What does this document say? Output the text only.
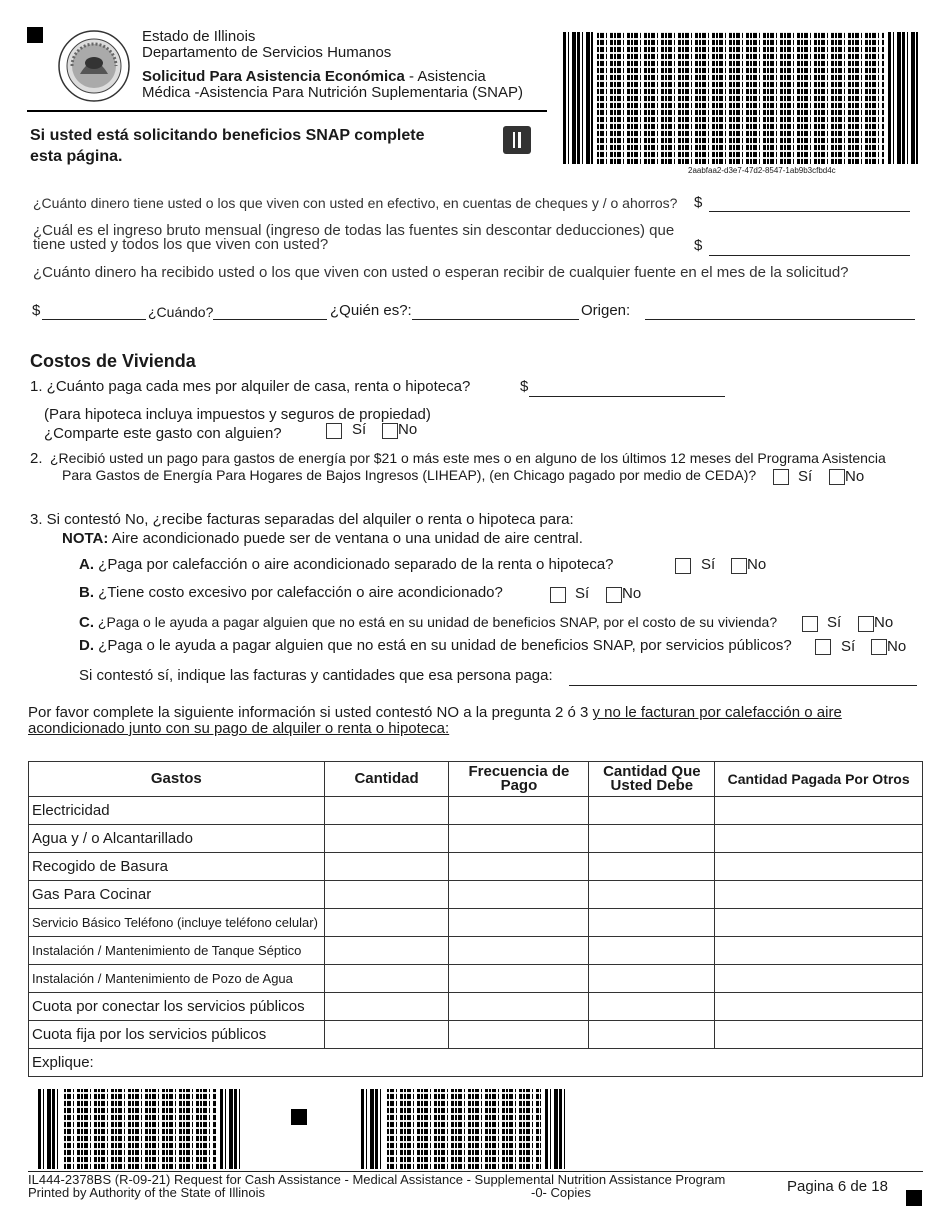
Estado de Illinois
Departamento de Servicios Humanos
Solicitud Para Asistencia Económica - Asistencia
Médica -Asistencia Para Nutrición Suplementaria (SNAP)
2aabfaa2-d3e7-47d2-8547-1ab9b3cfbd4c
Si usted está solicitando beneficios SNAP complete
esta página.
¿Cuánto dinero tiene usted o los que viven con usted en efectivo, en cuentas de cheques y / o ahorros? $
¿Cuál es el ingreso bruto mensual (ingreso de todas las fuentes sin descontar deducciones) que
tiene usted y todos los que viven con usted?	$
¿Cuánto dinero ha recibido usted o los que viven con usted o esperan recibir de cualquier fuente en el mes de la solicitud?
$	¿Cuándo?	¿Quién es?:	Origen:
Costos de Vivienda
1. ¿Cuánto paga cada mes por alquiler de casa, renta o hipoteca?	$
(Para hipoteca incluya impuestos y seguros de propiedad)
¿Comparte este gasto con alguien?	Sí No
2. ¿Recibió usted un pago para gastos de energía por $21 o más este mes o en alguno de los últimos 12 meses del Programa Asistencia
Para Gastos de Energía Para Hogares de Bajos Ingresos (LIHEAP), (en Chicago pagado por medio de CEDA)?	Sí No
3. Si contestó No, ¿recibe facturas separadas del alquiler o renta o hipoteca para:
NOTA: Aire acondicionado puede ser de ventana o una unidad de aire central.
A. ¿Paga por calefacción o aire acondicionado separado de la renta o hipoteca?	Sí No
B. ¿Tiene costo excesivo por calefacción o aire acondicionado?	Sí No
C. ¿Paga o le ayuda a pagar alguien que no está en su unidad de beneficios SNAP, por el costo de su vivienda?	Sí No
D. ¿Paga o le ayuda a pagar alguien que no está en su unidad de beneficios SNAP, por servicios públicos?	Sí No
Si contestó sí, indique las facturas y cantidades que esa persona paga:
Por favor complete la siguiente información si usted contestó NO a la pregunta 2 ó 3 y no le facturan por calefacción o aire
acondicionado junto con su pago de alquiler o renta o hipoteca:
Gastos	Cantidad	Frecuencia de Pago	Cantidad Que Usted Debe	Cantidad Pagada Por Otros
Electricidad				
Agua y / o Alcantarillado				
Recogido de Basura				
Gas Para Cocinar				
Servicio Básico Teléfono (incluye teléfono celular)				
Instalación / Mantenimiento de Tanque Séptico				
Instalación / Mantenimiento de Pozo de Agua				
Cuota por conectar los servicios públicos				
Cuota fija por los servicios públicos				
Explique:				
IL444-2378BS (R-09-21) Request for Cash Assistance - Medical Assistance - Supplemental Nutrition Assistance Program
Printed by Authority of the State of Illinois	-0- Copies	Pagina 6 de 18
